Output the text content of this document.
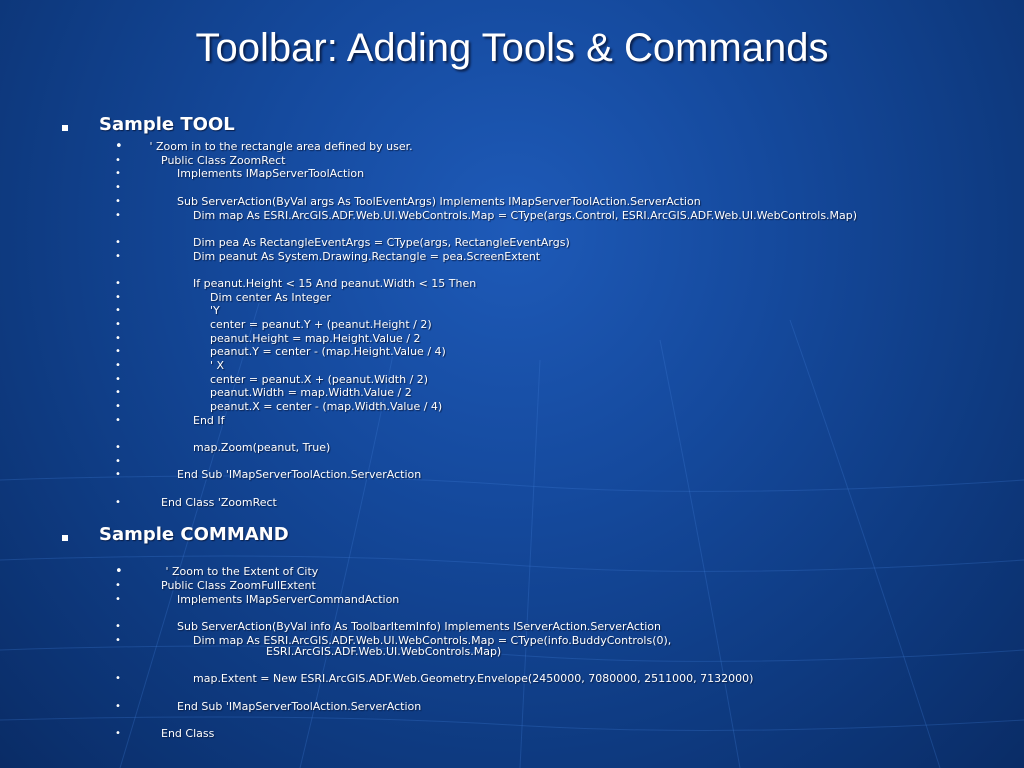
Toolbar: Adding Tools & Commands
Sample TOOL
• ' Zoom in to the rectangle area defined by user.
•	Public Class ZoomRect
•	Implements IMapServerToolAction
•
•	Sub ServerAction(ByVal args As ToolEventArgs) Implements IMapServerToolAction.ServerAction
•	Dim map As ESRI.ArcGIS.ADF.Web.UI.WebControls.Map = CType(args.Control, ESRI.ArcGIS.ADF.Web.UI.WebControls.Map)
•	Dim pea As RectangleEventArgs = CType(args, RectangleEventArgs)
•	Dim peanut As System.Drawing.Rectangle = pea.ScreenExtent
•	If peanut.Height < 15 And peanut.Width < 15 Then
•	Dim center As Integer
•	'Y
•	center = peanut.Y + (peanut.Height / 2)
•	peanut.Height = map.Height.Value / 2
•	peanut.Y = center - (map.Height.Value / 4)
•	' X
•	center = peanut.X + (peanut.Width / 2)
•	peanut.Width = map.Width.Value / 2
•	peanut.X = center - (map.Width.Value / 4)
•	End If
•	map.Zoom(peanut, True)
•
•	End Sub 'IMapServerToolAction.ServerAction
•	End Class 'ZoomRect
Sample COMMAND
•	' Zoom to the Extent of City
•	Public Class ZoomFullExtent
•	Implements IMapServerCommandAction
•	Sub ServerAction(ByVal info As ToolbarItemInfo) Implements IServerAction.ServerAction
•	Dim map As ESRI.ArcGIS.ADF.Web.UI.WebControls.Map = CType(info.BuddyControls(0),
ESRI.ArcGIS.ADF.Web.UI.WebControls.Map)
•	map.Extent = New ESRI.ArcGIS.ADF.Web.Geometry.Envelope(2450000, 7080000, 2511000, 7132000)
•	End Sub 'IMapServerToolAction.ServerAction
•	End Class
